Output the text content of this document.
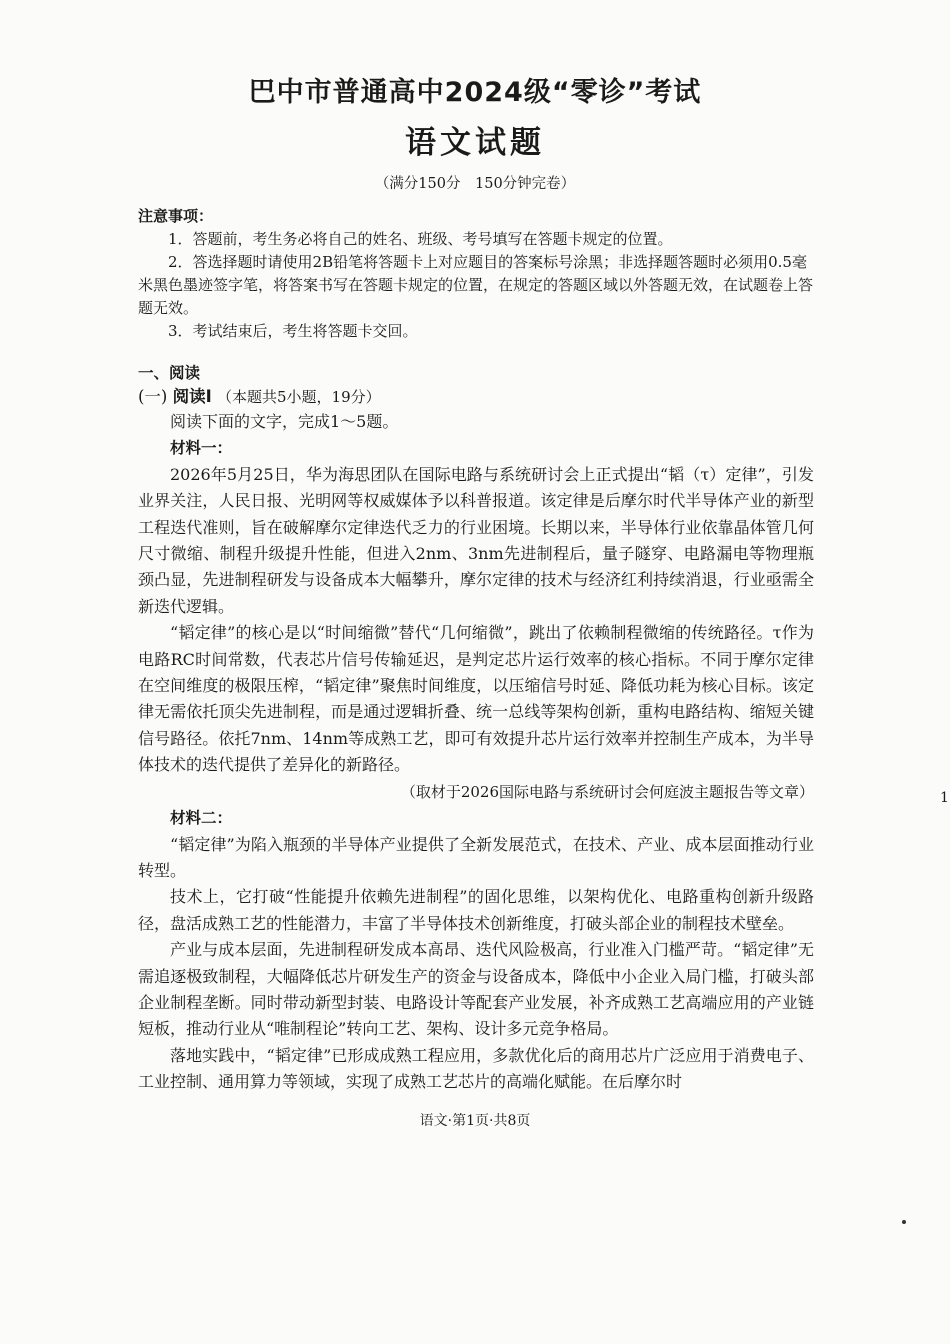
巴中市普通高中2024级“零诊”考试
语文试题
（满分150分　150分钟完卷）
注意事项：
1．答题前，考生务必将自己的姓名、班级、考号填写在答题卡规定的位置。
2．答选择题时请使用2B铅笔将答题卡上对应题目的答案标号涂黑；非选择题答题时必须用0.5毫米黑色墨迹签字笔，将答案书写在答题卡规定的位置，在规定的答题区域以外答题无效，在试题卷上答题无效。
3．考试结束后，考生将答题卡交回。
一、阅读
(一) 阅读Ⅰ （本题共5小题，19分）

阅读下面的文字，完成1～5题。

材料一：

2026年5月25日，华为海思团队在国际电路与系统研讨会上正式提出“韬（τ）定律”，引发业界关注，人民日报、光明网等权威媒体予以科普报道。该定律是后摩尔时代半导体产业的新型工程迭代准则，旨在破解摩尔定律迭代乏力的行业困境。长期以来，半导体行业依靠晶体管几何尺寸微缩、制程升级提升性能，但进入2nm、3nm先进制程后，量子隧穿、电路漏电等物理瓶颈凸显，先进制程研发与设备成本大幅攀升，摩尔定律的技术与经济红利持续消退，行业亟需全新迭代逻辑。

“韬定律”的核心是以“时间缩微”替代“几何缩微”，跳出了依赖制程微缩的传统路径。τ作为电路RC时间常数，代表芯片信号传输延迟，是判定芯片运行效率的核心指标。不同于摩尔定律在空间维度的极限压榨，“韬定律”聚焦时间维度，以压缩信号时延、降低功耗为核心目标。该定律无需依托顶尖先进制程，而是通过逻辑折叠、统一总线等架构创新，重构电路结构、缩短关键信号路径。依托7nm、14nm等成熟工艺，即可有效提升芯片运行效率并控制生产成本，为半导体技术的迭代提供了差异化的新路径。

（取材于2026国际电路与系统研讨会何庭波主题报告等文章）

材料二：

“韬定律”为陷入瓶颈的半导体产业提供了全新发展范式，在技术、产业、成本层面推动行业转型。

技术上，它打破“性能提升依赖先进制程”的固化思维，以架构优化、电路重构创新升级路径，盘活成熟工艺的性能潜力，丰富了半导体技术创新维度，打破头部企业的制程技术壁垒。

产业与成本层面，先进制程研发成本高昂、迭代风险极高，行业准入门槛严苛。“韬定律”无需追逐极致制程，大幅降低芯片研发生产的资金与设备成本，降低中小企业入局门槛，打破头部企业制程垄断。同时带动新型封装、电路设计等配套产业发展，补齐成熟工艺高端应用的产业链短板，推动行业从“唯制程论”转向工艺、架构、设计多元竞争格局。

落地实践中，“韬定律”已形成成熟工程应用，多款优化后的商用芯片广泛应用于消费电子、工业控制、通用算力等领域，实现了成熟工艺芯片的高端化赋能。在后摩尔时

语文·第1页·共8页
1
